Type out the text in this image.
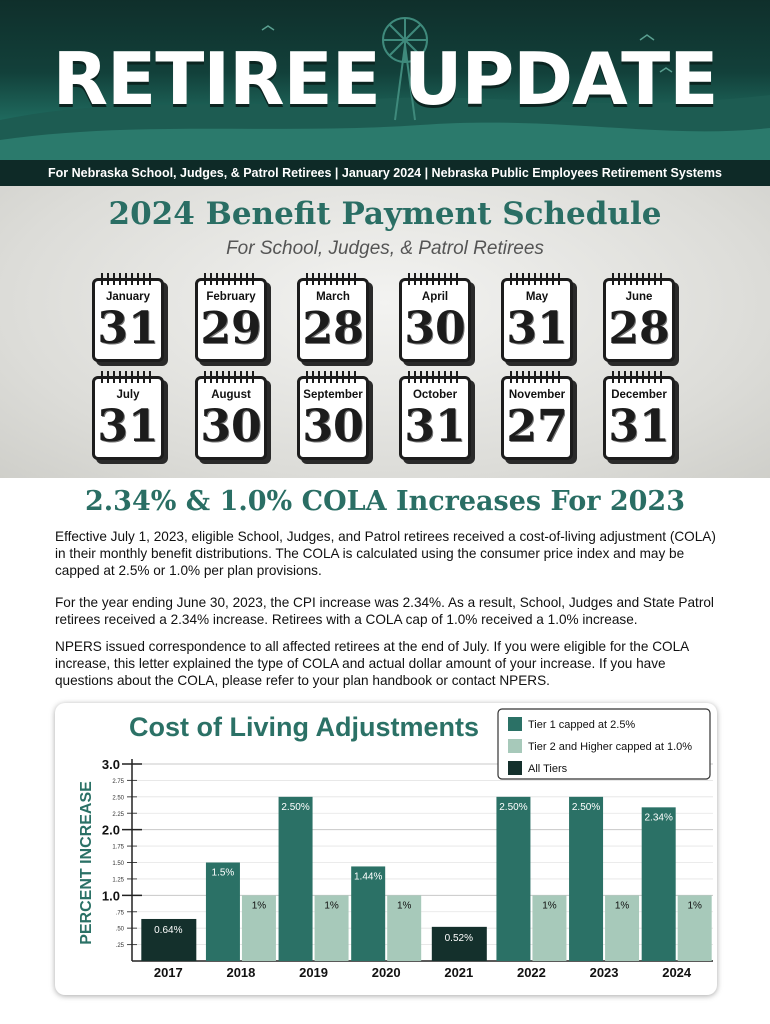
RETIREE UPDATE
For Nebraska School, Judges, & Patrol Retirees | January 2024 | Nebraska Public Employees Retirement Systems
2024 Benefit Payment Schedule
For School, Judges, & Patrol Retirees
January
31
February
29
March
28
April
30
May
31
June
28
July
31
August
30
September
30
October
31
November
27
December
31
2.34% & 1.0% COLA Increases For 2023

Effective July 1, 2023, eligible School, Judges, and Patrol retirees received a cost-of-living adjustment (COLA) in their monthly benefit distributions. The COLA is calculated using the consumer price index and may be capped at 2.5% or 1.0% per plan provisions.

For the year ending June 30, 2023, the CPI increase was 2.34%. As a result, School, Judges and State Patrol retirees received a 2.34% increase. Retirees with a COLA cap of 1.0% received a 1.0% increase.

NPERS issued correspondence to all affected retirees at the end of July. If you were eligible for the COLA increase, this letter explained the type of COLA and actual dollar amount of your increase. If you have questions about the COLA, please refer to your plan handbook or contact NPERS.

Cost of Living Adjustments
PERCENT INCREASE
3.0
2.0
1.0
.25
.50
.75
1.25
1.50
1.75
2.25
2.50
2.75
0.64%
2017
1.5%
1%
2018
2.50%
1%
2019
1.44%
1%
2020
0.52%
2021
2.50%
1%
2022
2.50%
1%
2023
2.34%
1%
2024
Tier 1 capped at 2.5%
Tier 2 and Higher capped at 1.0%
All Tiers
